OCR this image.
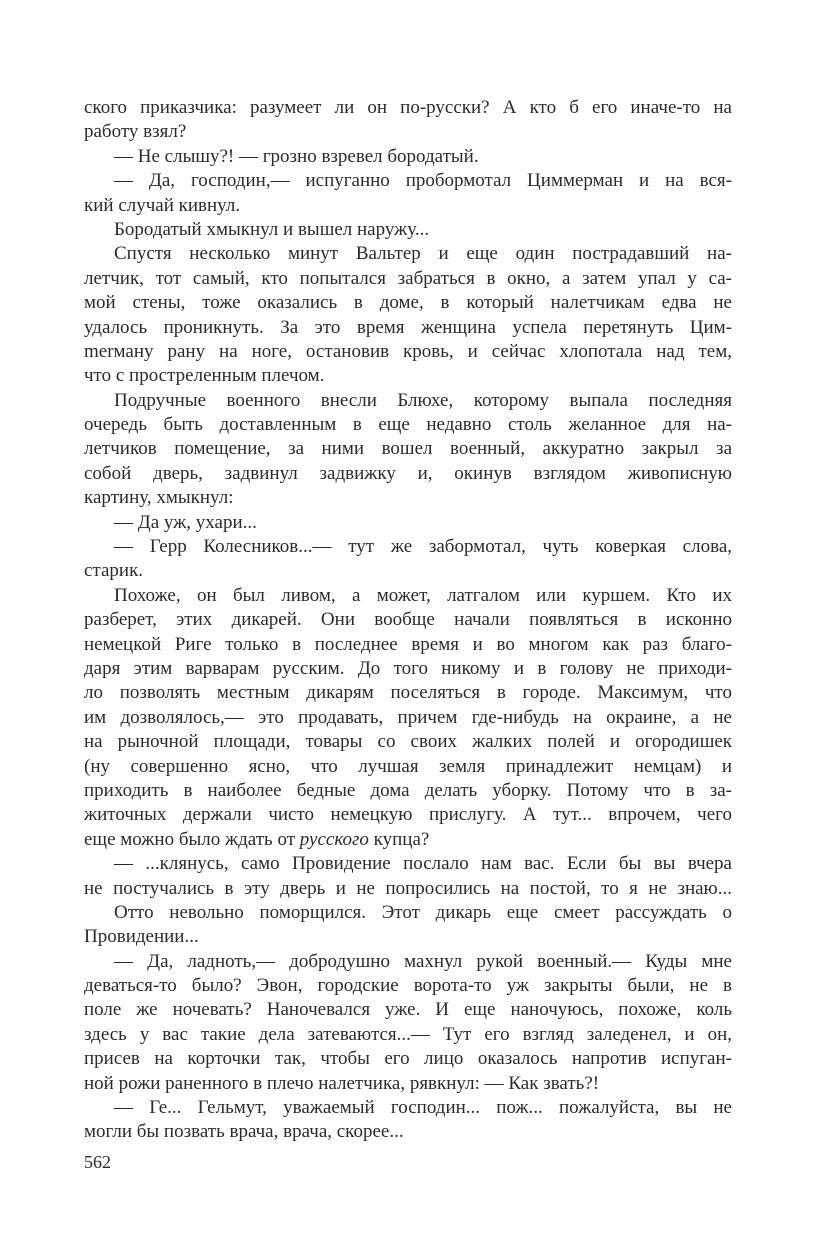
ского приказчика: разумеет ли он по-русски? А кто б его иначе-то на
работу взял?
— Не слышу?! — грозно взревел бородатый.
— Да, господин,— испуганно пробормотал Циммерман и на вся-
кий случай кивнул.
Бородатый хмыкнул и вышел наружу...
Спустя несколько минут Вальтер и еще один пострадавший на-
летчик, тот самый, кто попытался забраться в окно, а затем упал у са-
мой стены, тоже оказались в доме, в который налетчикам едва не
удалось проникнуть. За это время женщина успела перетянуть Цим-
merману рану на ноге, остановив кровь, и сейчас хлопотала над тем,
что с простреленным плечом.
Подручные военного внесли Блюхе, которому выпала последняя
очередь быть доставленным в еще недавно столь желанное для на-
летчиков помещение, за ними вошел военный, аккуратно закрыл за
собой дверь, задвинул задвижку и, окинув взглядом живописную
картину, хмыкнул:
— Да уж, ухари...
— Герр Колесников...— тут же забормотал, чуть коверкая слова,
старик.
Похоже, он был ливом, а может, латгалом или куршем. Кто их
разберет, этих дикарей. Они вообще начали появляться в исконно
немецкой Риге только в последнее время и во многом как раз благо-
даря этим варварам русским. До того никому и в голову не приходи-
ло позволять местным дикарям поселяться в городе. Максимум, что
им дозволялось,— это продавать, причем где-нибудь на окраине, а не
на рыночной площади, товары со своих жалких полей и огородишек
(ну совершенно ясно, что лучшая земля принадлежит немцам) и
приходить в наиболее бедные дома делать уборку. Потому что в за-
житочных держали чисто немецкую прислугу. А тут... впрочем, чего
еще можно было ждать от русского купца?
— ...клянусь, само Провидение послало нам вас. Если бы вы вчера
не постучались в эту дверь и не попросились на постой, то я не знаю...
Отто невольно поморщился. Этот дикарь еще смеет рассуждать о
Провидении...
— Да, ладноть,— добродушно махнул рукой военный.— Куды мне
деваться-то было? Эвон, городские ворота-то уж закрыты были, не в
поле же ночевать? Наночевался уже. И еще наночуюсь, похоже, коль
здесь у вас такие дела затеваются...— Тут его взгляд заледенел, и он,
присев на корточки так, чтобы его лицо оказалось напротив испуган-
ной рожи раненного в плечо налетчика, рявкнул: — Как звать?!
— Ге... Гельмут, уважаемый господин... пож... пожалуйста, вы не
могли бы позвать врача, врача, скорее...
562
